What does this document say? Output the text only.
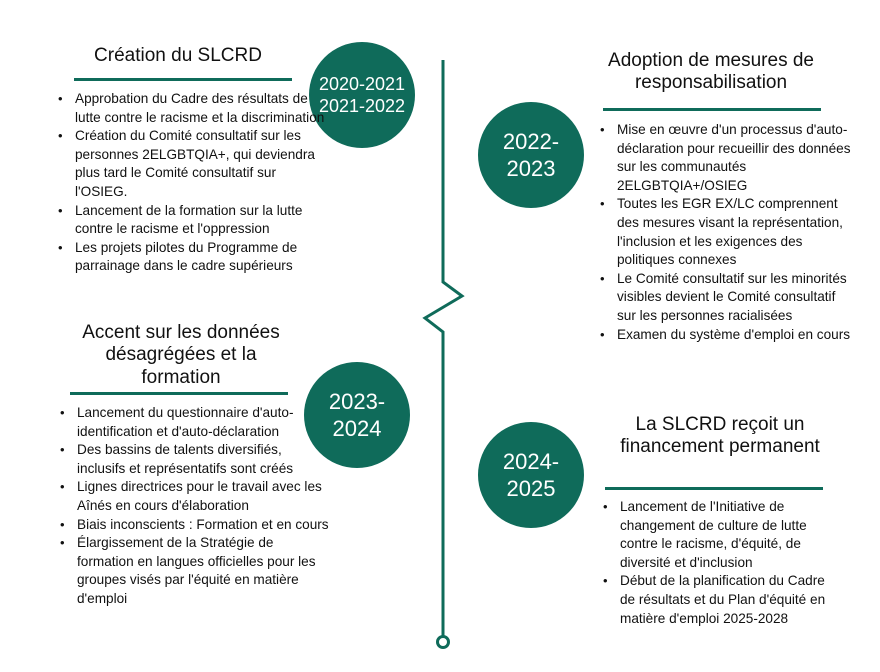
Création du SLCRD
2020-2021
2021-2022
• Approbation du Cadre des résultats de lutte contre le racisme et la discrimination
• Création du Comité consultatif sur les personnes 2ELGBTQIA+, qui deviendra plus tard le Comité consultatif sur l'OSIEG.
• Lancement de la formation sur la lutte contre le racisme et l'oppression
• Les projets pilotes du Programme de parrainage dans le cadre supérieurs
Adoption de mesures de responsabilisation
2022-
2023
• Mise en œuvre d'un processus d'auto-déclaration pour recueillir des données sur les communautés 2ELGBTQIA+/OSIEG
• Toutes les EGR EX/LC comprennent des mesures visant la représentation, l'inclusion et les exigences des politiques connexes
• Le Comité consultatif sur les minorités visibles devient le Comité consultatif sur les personnes racialisées
• Examen du système d'emploi en cours
Accent sur les données désagrégées et la formation
2023-
2024
• Lancement du questionnaire d'auto-identification et d'auto-déclaration
• Des bassins de talents diversifiés, inclusifs et représentatifs sont créés
• Lignes directrices pour le travail avec les Aînés en cours d'élaboration
• Biais inconscients : Formation et en cours
• Élargissement de la Stratégie de formation en langues officielles pour les groupes visés par l'équité en matière d'emploi
La SLCRD reçoit un financement permanent
2024-
2025
• Lancement de l'Initiative de changement de culture de lutte contre le racisme, d'équité, de diversité et d'inclusion
• Début de la planification du Cadre de résultats et du Plan d'équité en matière d'emploi 2025-2028
